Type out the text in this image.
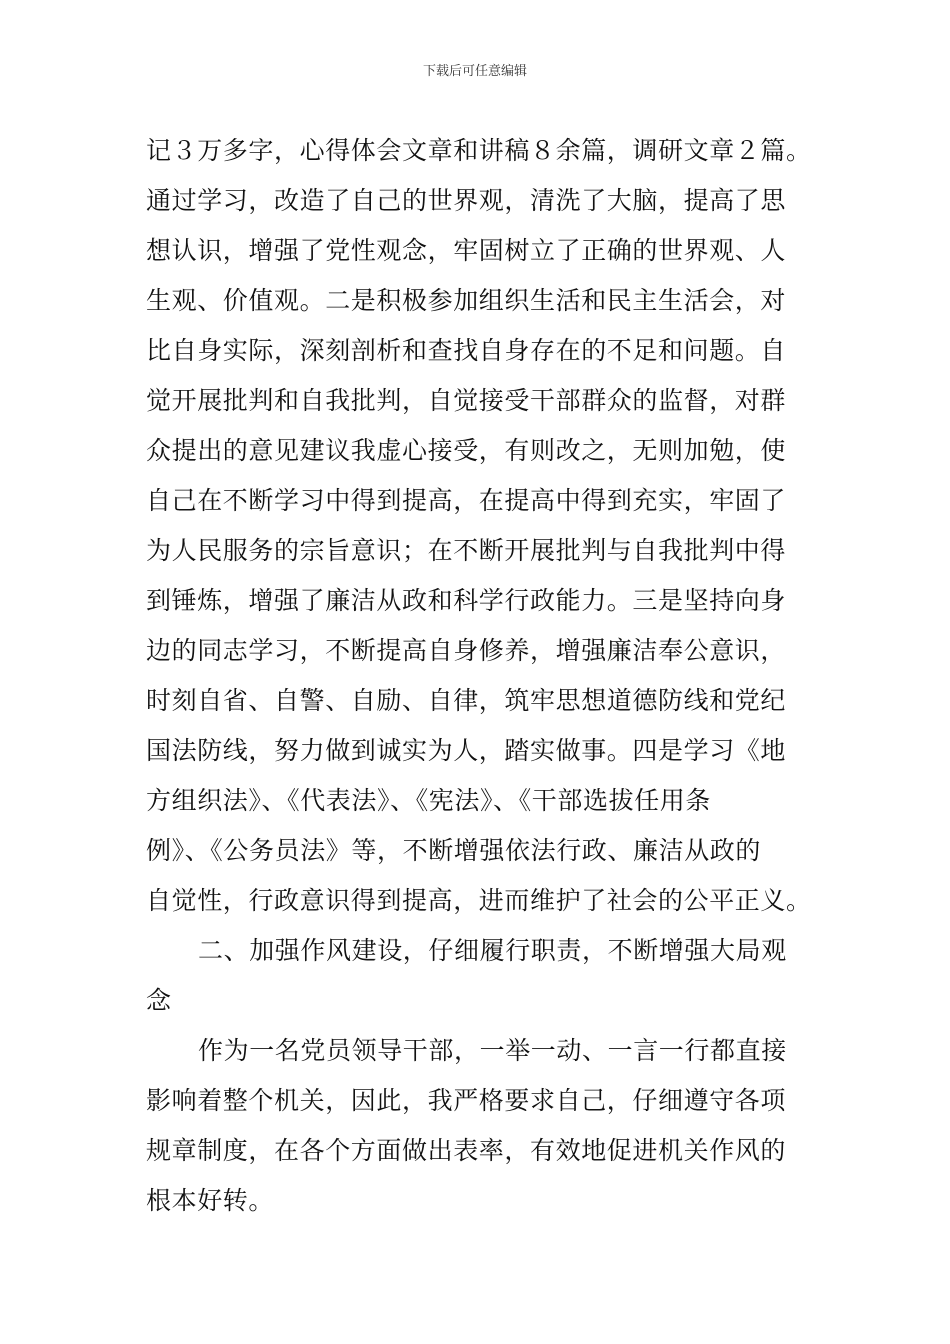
下载后可任意编辑
记３万多字，心得体会文章和讲稿８余篇，调研文章２篇。
通过学习，改造了自己的世界观，清洗了大脑，提高了思
想认识，增强了党性观念，牢固树立了正确的世界观、人
生观、价值观。二是积极参加组织生活和民主生活会，对
比自身实际，深刻剖析和查找自身存在的不足和问题。自
觉开展批判和自我批判，自觉接受干部群众的监督，对群
众提出的意见建议我虚心接受，有则改之，无则加勉，使
自己在不断学习中得到提高，在提高中得到充实，牢固了
为人民服务的宗旨意识；在不断开展批判与自我批判中得
到锤炼，增强了廉洁从政和科学行政能力。三是坚持向身
边的同志学习，不断提高自身修养，增强廉洁奉公意识，
时刻自省、自警、自励、自律，筑牢思想道德防线和党纪
国法防线，努力做到诚实为人，踏实做事。四是学习《地
方组织法》、《代表法》、《宪法》、《干部选拔任用条
例》、《公务员法》等，不断增强依法行政、廉洁从政的
自觉性，行政意识得到提高，进而维护了社会的公平正义。
二、加强作风建设，仔细履行职责，不断增强大局观
念
作为一名党员领导干部，一举一动、一言一行都直接
影响着整个机关，因此，我严格要求自己，仔细遵守各项
规章制度，在各个方面做出表率，有效地促进机关作风的
根本好转。
